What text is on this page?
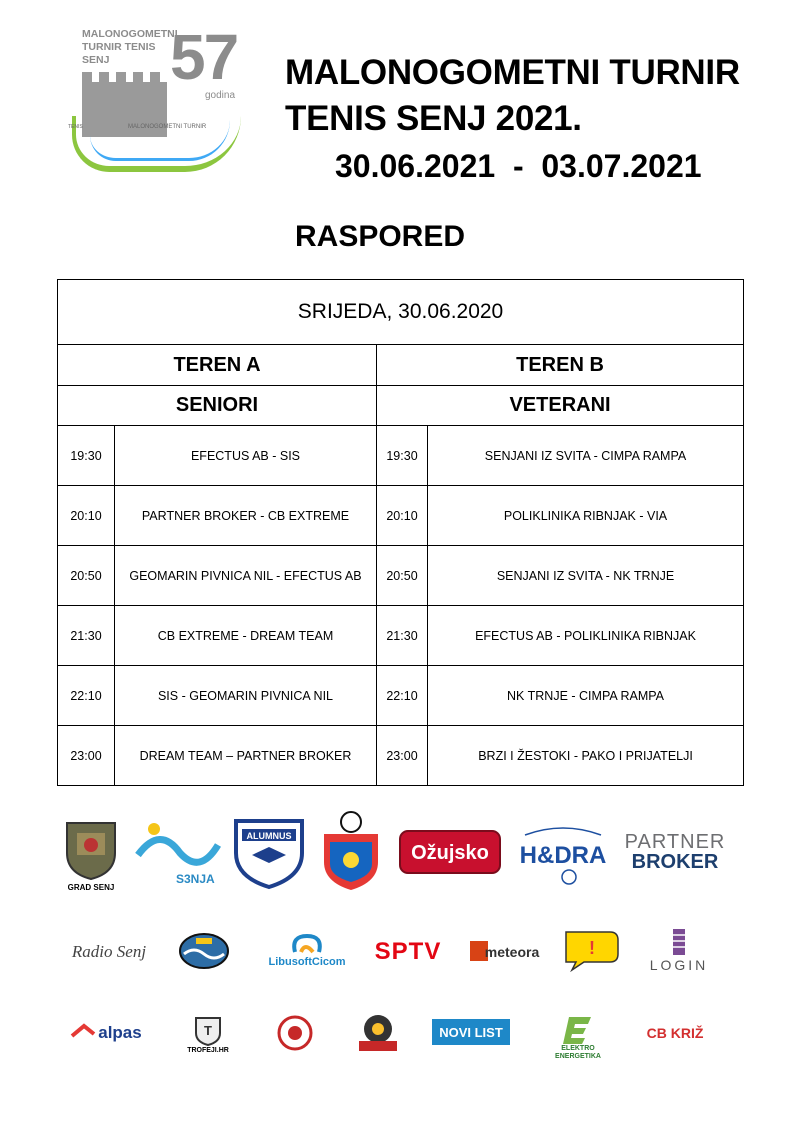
MALONOGOMETNI
TURNIR TENIS
SENJ 57
godina
TENIS	MALONOGOMETNI TURNIR
MALONOGOMETNI TURNIR
TENIS SENJ 2021.
30.06.2021  -  03.07.2021
RASPORED
SRIJEDA, 30.06.2020			
TEREN A		TEREN B	
SENIORI		VETERANI	
19:30	EFECTUS AB - SIS	19:30	SENJANI IZ SVITA - CIMPA RAMPA
20:10	PARTNER BROKER - CB EXTREME	20:10	POLIKLINIKA RIBNJAK - VIA
20:50	GEOMARIN PIVNICA NIL - EFECTUS AB	20:50	SENJANI IZ SVITA - NK TRNJE
21:30	CB EXTREME - DREAM TEAM	21:30	EFECTUS AB - POLIKLINIKA RIBNJAK
22:10	SIS - GEOMARIN PIVNICA NIL	22:10	NK TRNJE - CIMPA RAMPA
23:00	DREAM TEAM – PARTNER BROKER	23:00	BRZI I ŽESTOKI - PAKO I PRIJATELJI
GRAD SENJ
S3NJA
ALUMNUS
Ožujsko H&DRA PARTNER
BROKER
Radio Senj
LibusoftCicom SPTV	meteora	!
LOGIN
alpas	T
TROFEJI.HR
NOVI LIST
ELEKTRO
ENERGETIKA
CB KRIŽ
